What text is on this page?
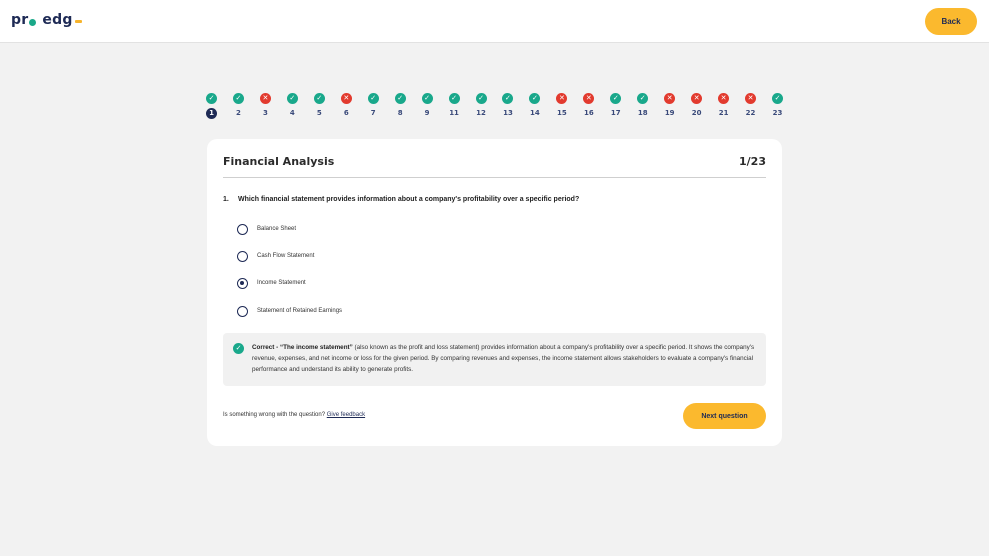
pr
edg	Back
✓
1
✓
2
✕
3
✓
4
✓
5
✕
6
✓
7
✓
8
✓
9
✓
11
✓
12
✓
13
✓
14
✕
15
✕
16
✓
17
✓
18
✕
19
✕
20
✕
21
✕
22
✓
23
Financial Analysis	1/23
1. Which financial statement provides information about a company's profitability over a specific period?
Balance Sheet
Cash Flow Statement
Income Statement
Statement of Retained Earnings
✓	Correct - “The income statement” (also known as the profit and loss statement) provides information about a company's profitability over a specific period. It shows the company's revenue, expenses, and net income or loss for the given period. By comparing revenues and expenses, the income statement allows stakeholders to evaluate a company's financial performance and understand its ability to generate profits.
Is something wrong with the question? Give feedback	Next question
